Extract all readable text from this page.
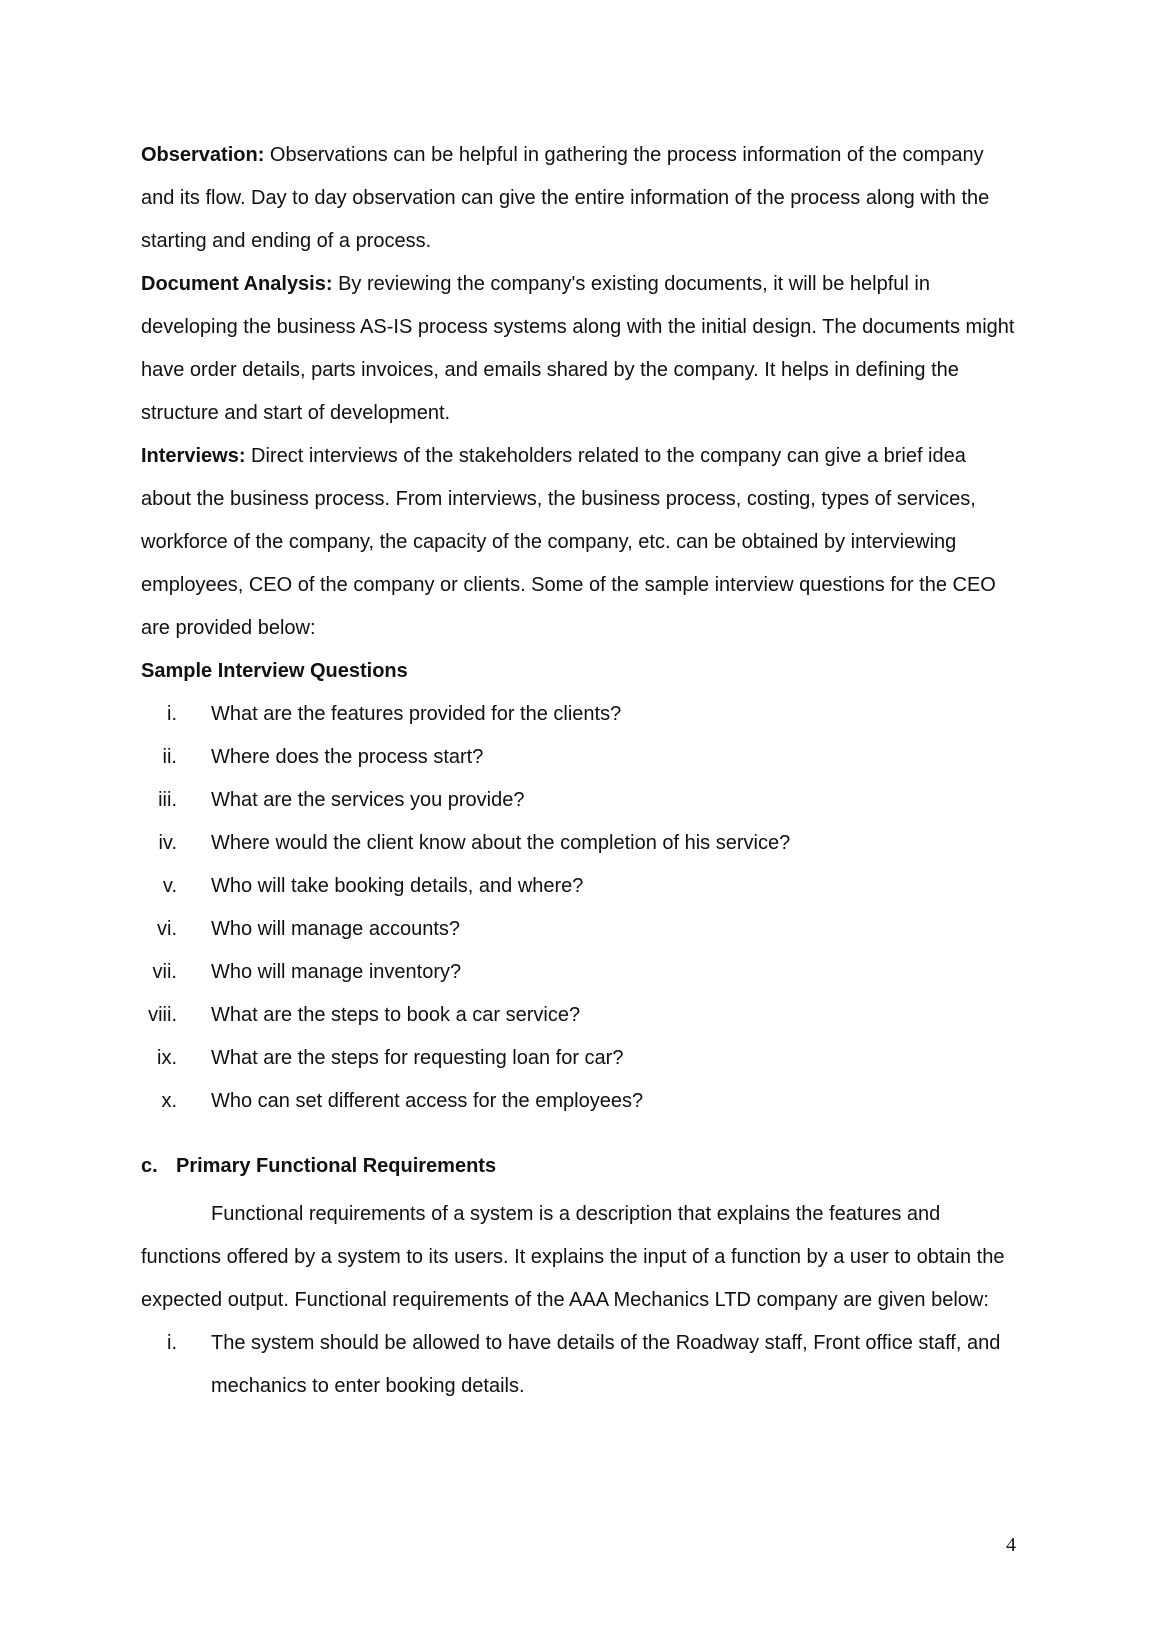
Observation: Observations can be helpful in gathering the process information of the company and its flow. Day to day observation can give the entire information of the process along with the starting and ending of a process.

Document Analysis: By reviewing the company's existing documents, it will be helpful in developing the business AS-IS process systems along with the initial design. The documents might have order details, parts invoices, and emails shared by the company. It helps in defining the structure and start of development.

Interviews: Direct interviews of the stakeholders related to the company can give a brief idea about the business process. From interviews, the business process, costing, types of services, workforce of the company, the capacity of the company, etc. can be obtained by interviewing employees, CEO of the company or clients. Some of the sample interview questions for the CEO are provided below:

Sample Interview Questions

i. What are the features provided for the clients?
ii. Where does the process start?
iii. What are the services you provide?
iv. Where would the client know about the completion of his service?
v. Who will take booking details, and where?
vi. Who will manage accounts?
vii. Who will manage inventory?
viii. What are the steps to book a car service?
ix. What are the steps for requesting loan for car?
x. Who can set different access for the employees?

c. Primary Functional Requirements

Functional requirements of a system is a description that explains the features and functions offered by a system to its users. It explains the input of a function by a user to obtain the expected output. Functional requirements of the AAA Mechanics LTD company are given below:

i. The system should be allowed to have details of the Roadway staff, Front office staff, and mechanics to enter booking details.
4
